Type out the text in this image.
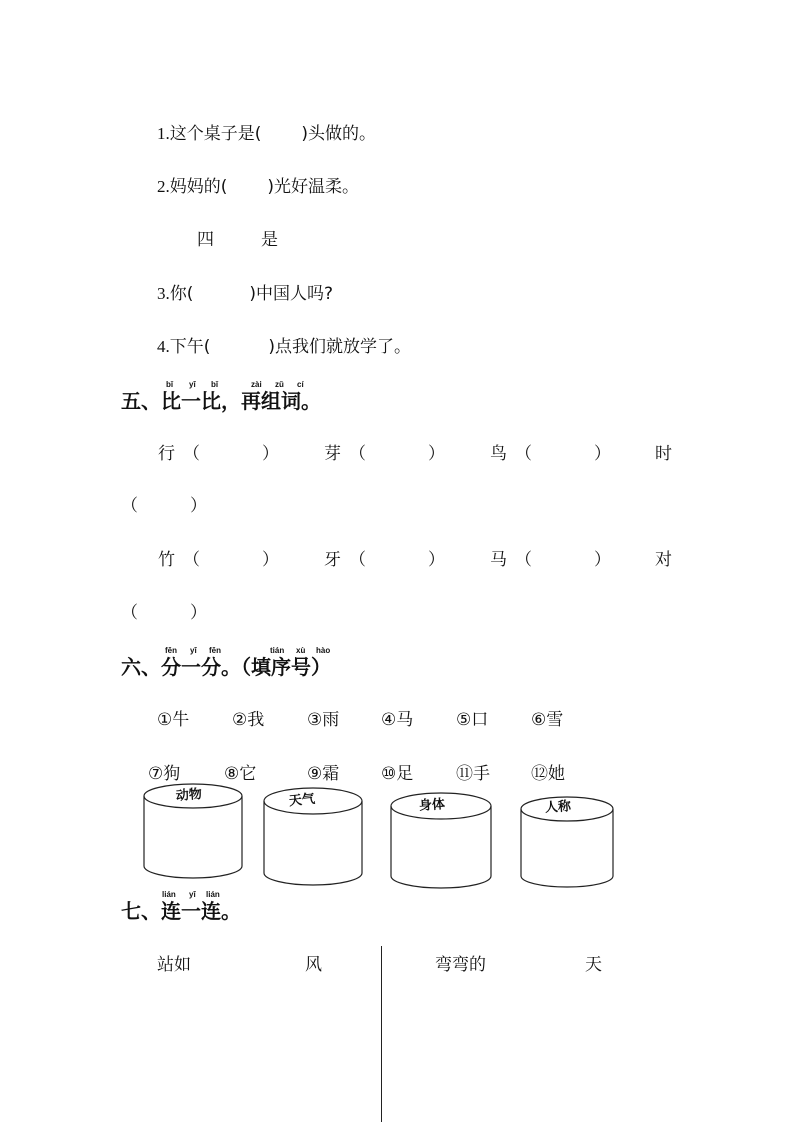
1.这个桌子是( )头做的。
2.妈妈的( )光好温柔。
四	是
3.你(	)中国人吗?
4.下午(	)点我们就放学了。
bǐ yī bǐ	zài zǔ cí
五、比一比，再组词。
行 （	）	芽 （	）	鸟 （	）	时
（	）
竹 （	）	牙 （	）	马 （	）	对
（	）
fēn yī fēn	tián xù hào
六、分一分。（填序号）
①牛	②我	③雨 ④马	⑤口	⑥雪
⑦狗	⑧它	⑨霜 ⑩足	⑪手 ⑫她
动物	天气	身体	人称
lián yī lián
七、连一连。
站如	风	弯弯的	天
